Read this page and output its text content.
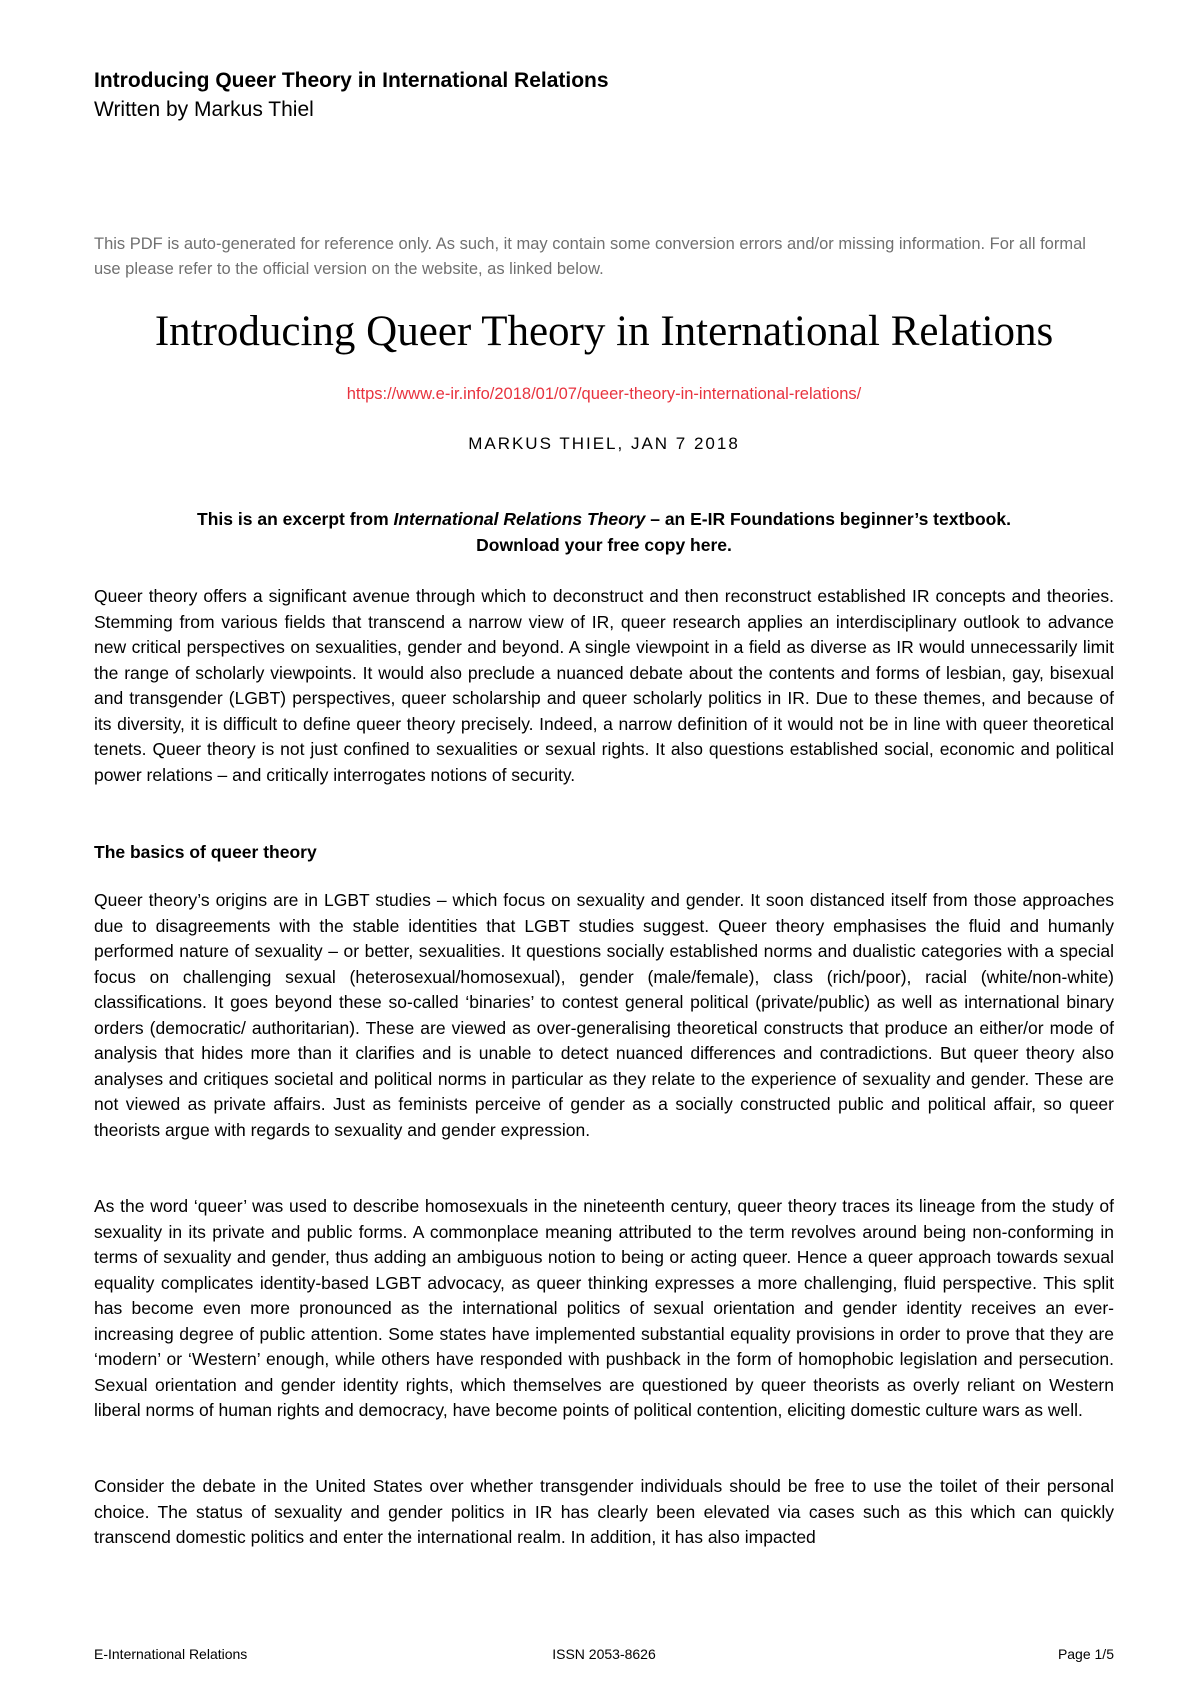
Introducing Queer Theory in International Relations

Written by Markus Thiel

This PDF is auto-generated for reference only. As such, it may contain some conversion errors and/or missing information. For all formal use please refer to the official version on the website, as linked below.

Introducing Queer Theory in International Relations
https://www.e-ir.info/2018/01/07/queer-theory-in-international-relations/
MARKUS THIEL, JAN 7 2018

This is an excerpt from International Relations Theory – an E-IR Foundations beginner’s textbook.
Download your free copy here.

Queer theory offers a significant avenue through which to deconstruct and then reconstruct established IR concepts and theories. Stemming from various fields that transcend a narrow view of IR, queer research applies an interdisciplinary outlook to advance new critical perspectives on sexualities, gender and beyond. A single viewpoint in a field as diverse as IR would unnecessarily limit the range of scholarly viewpoints. It would also preclude a nuanced debate about the contents and forms of lesbian, gay, bisexual and transgender (LGBT) perspectives, queer scholarship and queer scholarly politics in IR. Due to these themes, and because of its diversity, it is difficult to define queer theory precisely. Indeed, a narrow definition of it would not be in line with queer theoretical tenets. Queer theory is not just confined to sexualities or sexual rights. It also questions established social, economic and political power relations – and critically interrogates notions of security.

The basics of queer theory

Queer theory’s origins are in LGBT studies – which focus on sexuality and gender. It soon distanced itself from those approaches due to disagreements with the stable identities that LGBT studies suggest. Queer theory emphasises the fluid and humanly performed nature of sexuality – or better, sexualities. It questions socially established norms and dualistic categories with a special focus on challenging sexual (heterosexual/homosexual), gender (male/female), class (rich/poor), racial (white/non-white) classifications. It goes beyond these so-called ‘binaries’ to contest general political (private/public) as well as international binary orders (democratic/ authoritarian). These are viewed as over-generalising theoretical constructs that produce an either/or mode of analysis that hides more than it clarifies and is unable to detect nuanced differences and contradictions. But queer theory also analyses and critiques societal and political norms in particular as they relate to the experience of sexuality and gender. These are not viewed as private affairs. Just as feminists perceive of gender as a socially constructed public and political affair, so queer theorists argue with regards to sexuality and gender expression.

As the word ‘queer’ was used to describe homosexuals in the nineteenth century, queer theory traces its lineage from the study of sexuality in its private and public forms. A commonplace meaning attributed to the term revolves around being non-conforming in terms of sexuality and gender, thus adding an ambiguous notion to being or acting queer. Hence a queer approach towards sexual equality complicates identity-based LGBT advocacy, as queer thinking expresses a more challenging, fluid perspective. This split has become even more pronounced as the international politics of sexual orientation and gender identity receives an ever-increasing degree of public attention. Some states have implemented substantial equality provisions in order to prove that they are ‘modern’ or ‘Western’ enough, while others have responded with pushback in the form of homophobic legislation and persecution. Sexual orientation and gender identity rights, which themselves are questioned by queer theorists as overly reliant on Western liberal norms of human rights and democracy, have become points of political contention, eliciting domestic culture wars as well.

Consider the debate in the United States over whether transgender individuals should be free to use the toilet of their personal choice. The status of sexuality and gender politics in IR has clearly been elevated via cases such as this which can quickly transcend domestic politics and enter the international realm. In addition, it has also impacted

E-International Relations	ISSN 2053-8626	Page 1/5
